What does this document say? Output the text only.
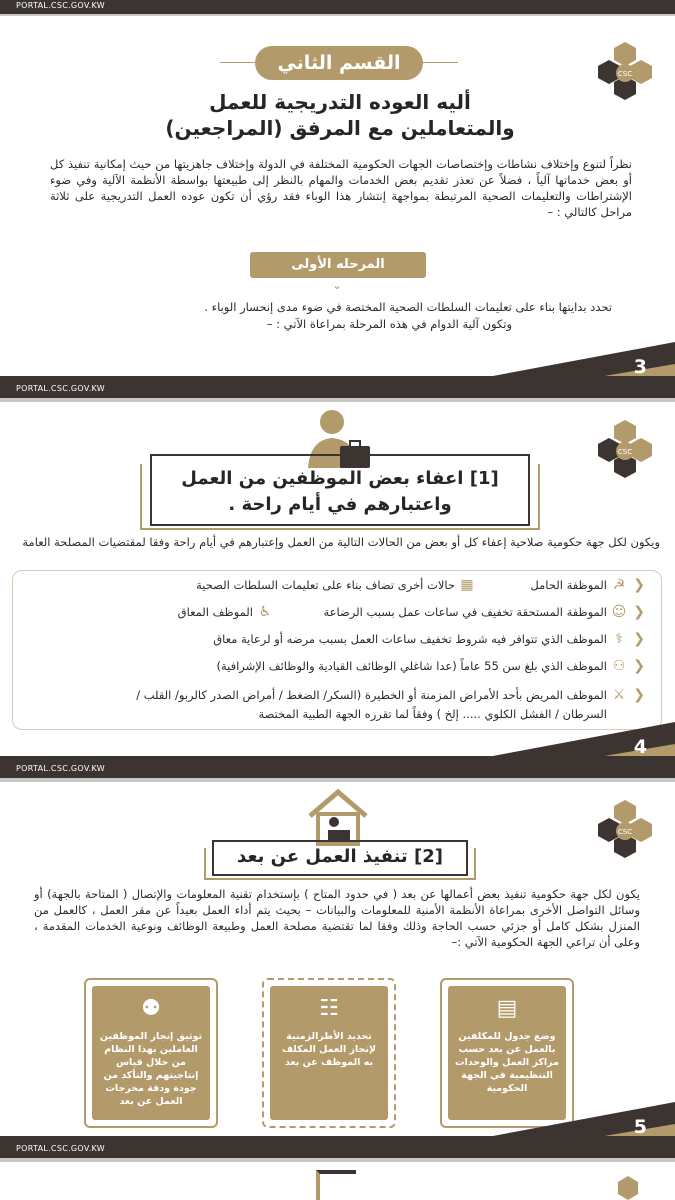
PORTAL.CSC.GOV.KW
القسم الثاني	CSC
أليه العوده التدريجية للعمل
والمتعاملين مع المرفق (المراجعين)
نظراً لتنوع وإختلاف نشاطات وإختصاصات الجهات الحكومية المختلفة في الدولة وإختلاف جاهزيتها من حيث إمكانية تنفيذ كل أو بعض خدماتها آلياً ، فضلاً عن تعذر تقديم بعض الخدمات والمهام بالنظر إلى طبيعتها بواسطة الأنظمة الآلية وفي ضوء الإشتراطات والتعليمات الصحية المرتبطة بمواجهة إنتشار هذا الوباء فقد رؤي أن تكون عوده العمل التدريجية على ثلاثة مراحل كالتالي : –
المرحله الأولى
⌄
تحدد بدايتها بناء على تعليمات السلطات الصحية المختصة في ضوء مدى إنحسار الوباء .
وتكون آلية الدوام في هذه المرحلة بمراعاة الآتي : –
PORTAL.CSC.GOV.KW
3
CSC
[1] اعفاء بعض الموظفين من العمل
واعتبارهم في أيام راحة .
ويكون لكل جهة حكومية صلاحية إعفاء كل أو بعض من الحالات التالية من العمل وإعتبارهم في أيام راحة وفقا لمقتضيات المصلحة العامة
❮
☭
الموظفة الحامل
▦
حالات أخرى تضاف بناء على تعليمات السلطات الصحية
❮
☺
الموظفة المستحقة تخفيف في ساعات عمل بسبب الرضاعة
♿
الموظف المعاق
❮
⚕
الموظف الذي تتوافر فيه شروط تخفيف ساعات العمل بسبب مرضه أو لرعاية معاق
❮
⚇
الموظف الذي بلغ سن 55 عاماً (عدا شاغلي الوظائف القيادية والوظائف الإشرافية)
❮
⚔
الموظف المريض بأحد الأمراض المزمنة أو الخطيرة (السكر/ الضغط / أمراض الصدر كالربو/ القلب /
السرطان / الفشل الكلوي ..... إلخ ) وفقاً لما تقرره الجهة الطبية المختصة
PORTAL.CSC.GOV.KW
4
CSC
[2] تنفيذ العمل عن بعد
يكون لكل جهة حكومية تنفيذ بعض أعمالها عن بعد ( في حدود المتاح ) بإستخدام تقنية المعلومات والإتصال ( المتاحة بالجهة) أو وسائل التواصل الأخرى بمراعاة الأنظمة الأمنية للمعلومات والبيانات – بحيث يتم أداء العمل بعيداً عن مقر العمل ، كالعمل من المنزل بشكل كامل أو جزئي حسب الحاجة وذلك وفقا لما تقتضية مصلحة العمل وطبيعة الوظائف ونوعية الخدمات المقدمة ، وعلى أن تراعي الجهة الحكومية الآتي :–
▤
وضع جدول للمكلفين بالعمل عن بعد حسب مراكز العمل والوحدات التنظيمية في الجهة الحكومية
☷
تحديد الأطرالزمنية لإنجاز العمل المكلف به الموظف عن بعد
⚉
توثيق إنجاز الموظفين العاملين بهذا النظام من خلال قياس إنتاجيتهم والتأكد من جودة ودقة مخرجات العمل عن بعد
PORTAL.CSC.GOV.KW
5
